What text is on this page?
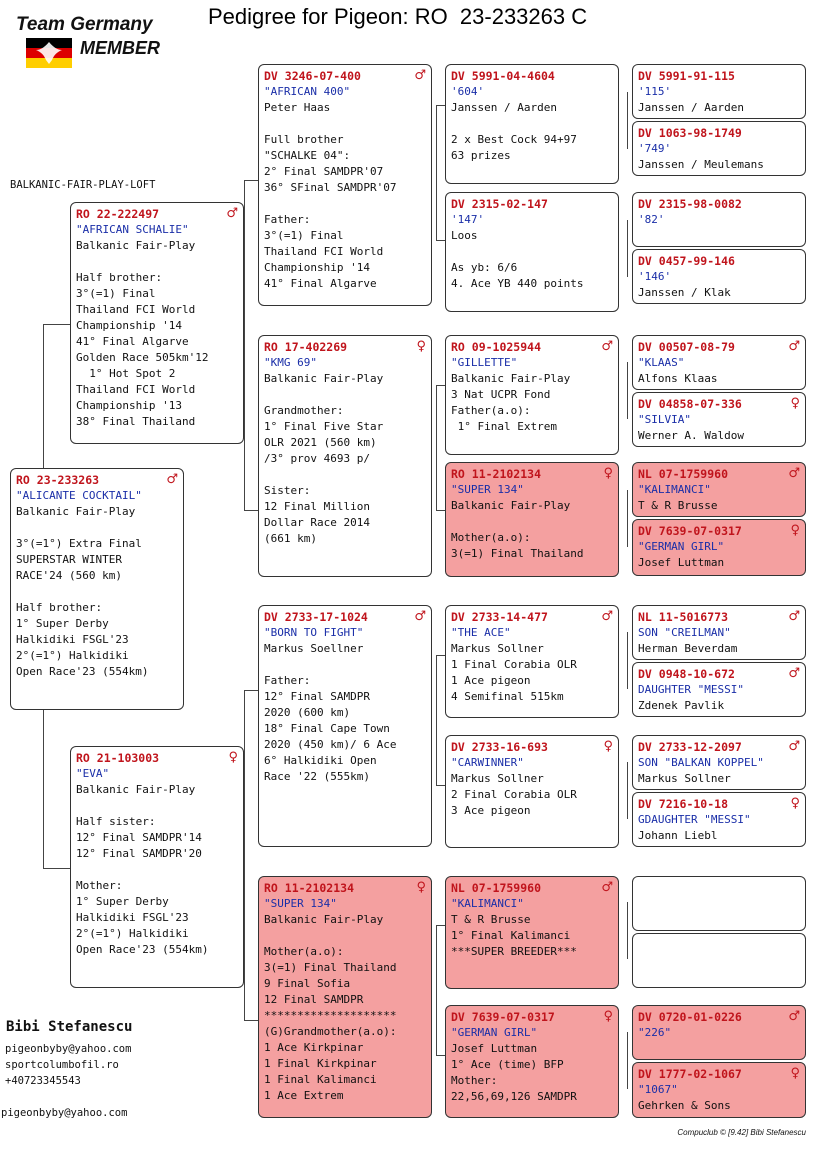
Team Germany
MEMBER
Pedigree for Pigeon: RO  23-233263 C
BALKANIC-FAIR-PLAY-LOFT
RO 23-233263	♂
"ALICANTE COCKTAIL"
Balkanic Fair-Play
3°(=1°) Extra Final
SUPERSTAR WINTER
RACE'24 (560 km)
Half brother:
1° Super Derby
Halkidiki FSGL'23
2°(=1°) Halkidiki
Open Race'23 (554km)
RO 22-222497	♂
"AFRICAN SCHALIE"
Balkanic Fair-Play
Half brother:
3°(=1) Final
Thailand FCI World
Championship '14
41° Final Algarve
Golden Race 505km'12
1° Hot Spot 2
Thailand FCI World
Championship '13
38° Final Thailand
RO 21-103003	♀
"EVA"
Balkanic Fair-Play
Half sister:
12° Final SAMDPR'14
12° Final SAMDPR'20
Mother:
1° Super Derby
Halkidiki FSGL'23
2°(=1°) Halkidiki
Open Race'23 (554km)
DV 3246-07-400	♂
"AFRICAN 400"
Peter Haas
Full brother
"SCHALKE 04":
2° Final SAMDPR'07
36° SFinal SAMDPR'07
Father:
3°(=1) Final
Thailand FCI World
Championship '14
41° Final Algarve
RO 17-402269	♀
"KMG 69"
Balkanic Fair-Play
Grandmother:
1° Final Five Star
OLR 2021 (560 km)
/3° prov 4693 p/
Sister:
12 Final Million
Dollar Race 2014
(661 km)
DV 2733-17-1024	♂
"BORN TO FIGHT"
Markus Soellner
Father:
12° Final SAMDPR
2020 (600 km)
18° Final Cape Town
2020 (450 km)/ 6 Ace
6° Halkidiki Open
Race '22 (555km)
RO 11-2102134	♀
"SUPER 134"
Balkanic Fair-Play
Mother(a.o):
3(=1) Final Thailand
9 Final Sofia
12 Final SAMDPR
********************
(G)Grandmother(a.o):
1 Ace Kirkpinar
1 Final Kirkpinar
1 Final Kalimanci
1 Ace Extrem
DV 5991-04-4604
'604'
Janssen / Aarden
2 x Best Cock 94+97
63 prizes
DV 2315-02-147
'147'
Loos
As yb: 6/6
4. Ace YB 440 points
RO 09-1025944	♂
"GILLETTE"
Balkanic Fair-Play
3 Nat UCPR Fond
Father(a.o):
1° Final Extrem
RO 11-2102134	♀
"SUPER 134"
Balkanic Fair-Play
Mother(a.o):
3(=1) Final Thailand
DV 2733-14-477	♂
"THE ACE"
Markus Sollner
1 Final Corabia OLR
1 Ace pigeon
4 Semifinal 515km
DV 2733-16-693	♀
"CARWINNER"
Markus Sollner
2 Final Corabia OLR
3 Ace pigeon
NL 07-1759960	♂
"KALIMANCI"
T & R Brusse
1° Final Kalimanci
***SUPER BREEDER***
DV 7639-07-0317	♀
"GERMAN GIRL"
Josef Luttman
1° Ace (time) BFP
Mother:
22,56,69,126 SAMDPR
DV 5991-91-115
'115'
Janssen / Aarden
DV 1063-98-1749
'749'
Janssen / Meulemans
DV 2315-98-0082
'82'
DV 0457-99-146
'146'
Janssen / Klak
DV 00507-08-79	♂
"KLAAS"
Alfons Klaas
DV 04858-07-336	♀
"SILVIA"
Werner A. Waldow
NL 07-1759960	♂
"KALIMANCI"
T & R Brusse
DV 7639-07-0317	♀
"GERMAN GIRL"
Josef Luttman
NL 11-5016773	♂
SON "CREILMAN"
Herman Beverdam
DV 0948-10-672	♂
DAUGHTER "MESSI"
Zdenek Pavlik
DV 2733-12-2097	♂
SON "BALKAN KOPPEL"
Markus Sollner
DV 7216-10-18	♀
GDAUGHTER "MESSI"
Johann Liebl
DV 0720-01-0226	♂
"226"
DV 1777-02-1067	♀
"1067"
Gehrken & Sons
Bibi Stefanescu
pigeonbyby@yahoo.com
sportcolumbofil.ro
+40723345543
pigeonbyby@yahoo.com
Compuclub © [9.42] Bibi Stefanescu
